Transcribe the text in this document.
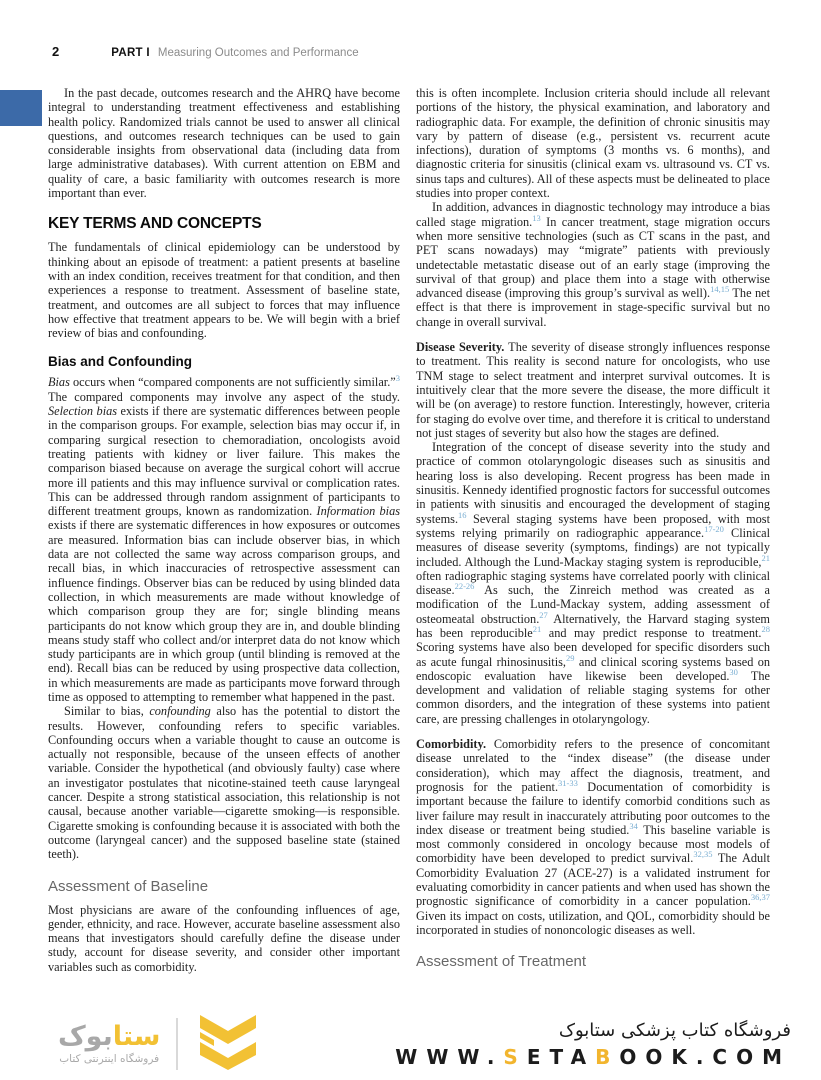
2	PART I Measuring Outcomes and Performance

In the past decade, outcomes research and the AHRQ have become integral to understanding treatment effectiveness and establishing health policy. Randomized trials cannot be used to answer all clinical questions, and outcomes research techniques can be used to gain considerable insights from observational data (including data from large administrative databases). With current attention on EBM and quality of care, a basic familiarity with outcomes research is more important than ever.

KEY TERMS AND CONCEPTS

The fundamentals of clinical epidemiology can be understood by thinking about an episode of treatment: a patient presents at baseline with an index condition, receives treatment for that condition, and then experiences a response to treatment. Assessment of baseline state, treatment, and outcomes are all subject to forces that may influence how effective that treatment appears to be. We will begin with a brief review of bias and confounding.

Bias and Confounding

Bias occurs when “compared components are not sufficiently similar.”$^3$ The compared components may involve any aspect of the study. Selection bias exists if there are systematic differences between people in the comparison groups. For example, selection bias may occur if, in comparing surgical resection to chemoradiation, oncologists avoid treating patients with kidney or liver failure. This makes the comparison biased because on average the surgical cohort will accrue more ill patients and this may influence survival or complication rates. This can be addressed through random assignment of participants to different treatment groups, known as randomization. Information bias exists if there are systematic differences in how exposures or outcomes are measured. Information bias can include observer bias, in which data are not collected the same way across comparison groups, and recall bias, in which inaccuracies of retrospective assessment can influence findings. Observer bias can be reduced by using blinded data collection, in which measurements are made without knowledge of which comparison group they are for; single blinding means participants do not know which group they are in, and double blinding means study staff who collect and/or interpret data do not know which study participants are in which group (until blinding is removed at the end). Recall bias can be reduced by using prospective data collection, in which measurements are made as participants move forward through time as opposed to attempting to remember what happened in the past.

Similar to bias, confounding also has the potential to distort the results. However, confounding refers to specific variables. Confounding occurs when a variable thought to cause an outcome is actually not responsible, because of the unseen effects of another variable. Consider the hypothetical (and obviously faulty) case where an investigator postulates that nicotine-stained teeth cause laryngeal cancer. Despite a strong statistical association, this relationship is not causal, because another variable—cigarette smoking—is responsible. Cigarette smoking is confounding because it is associated with both the outcome (laryngeal cancer) and the supposed baseline state (stained teeth).

Assessment of Baseline

Most physicians are aware of the confounding influences of age, gender, ethnicity, and race. However, accurate baseline assessment also means that investigators should carefully define the disease under study, account for disease severity, and consider other important variables such as comorbidity.

this is often incomplete. Inclusion criteria should include all relevant portions of the history, the physical examination, and laboratory and radiographic data. For example, the definition of chronic sinusitis may vary by pattern of disease (e.g., persistent vs. recurrent acute infections), duration of symptoms (3 months vs. 6 months), and diagnostic criteria for sinusitis (clinical exam vs. ultrasound vs. CT vs. sinus taps and cultures). All of these aspects must be delineated to place studies into proper context.

In addition, advances in diagnostic technology may introduce a bias called stage migration.$^{13}$ In cancer treatment, stage migration occurs when more sensitive technologies (such as CT scans in the past, and PET scans nowadays) may “migrate” patients with previously undetectable metastatic disease out of an early stage (improving the survival of that group) and place them into a stage with otherwise advanced disease (improving this group’s survival as well).$^{14,15}$ The net effect is that there is improvement in stage-specific survival but no change in overall survival.

Disease Severity. The severity of disease strongly influences response to treatment. This reality is second nature for oncologists, who use TNM stage to select treatment and interpret survival outcomes. It is intuitively clear that the more severe the disease, the more difficult it will be (on average) to restore function. Interestingly, however, criteria for staging do evolve over time, and therefore it is critical to understand not just stages of severity but also how the stages are defined.

Integration of the concept of disease severity into the study and practice of common otolaryngologic diseases such as sinusitis and hearing loss is also developing. Recent progress has been made in sinusitis. Kennedy identified prognostic factors for successful outcomes in patients with sinusitis and encouraged the development of staging systems.$^{16}$ Several staging systems have been proposed, with most systems relying primarily on radiographic appearance.$^{17-20}$ Clinical measures of disease severity (symptoms, findings) are not typically included. Although the Lund-Mackay staging system is reproducible,$^{21}$ often radiographic staging systems have correlated poorly with clinical disease.$^{22-26}$ As such, the Zinreich method was created as a modification of the Lund-Mackay system, adding assessment of osteomeatal obstruction.$^{27}$ Alternatively, the Harvard staging system has been reproducible$^{21}$ and may predict response to treatment.$^{28}$ Scoring systems have also been developed for specific disorders such as acute fungal rhinosinusitis,$^{29}$ and clinical scoring systems based on endoscopic evaluation have likewise been developed.$^{30}$ The development and validation of reliable staging systems for other common disorders, and the integration of these systems into patient care, are pressing challenges in otolaryngology.

Comorbidity. Comorbidity refers to the presence of concomitant disease unrelated to the “index disease” (the disease under consideration), which may affect the diagnosis, treatment, and prognosis for the patient.$^{31-33}$ Documentation of comorbidity is important because the failure to identify comorbid conditions such as liver failure may result in inaccurately attributing poor outcomes to the index disease or treatment being studied.$^{34}$ This baseline variable is most commonly considered in oncology because most models of comorbidity have been developed to predict survival.$^{32,35}$ The Adult Comorbidity Evaluation 27 (ACE-27) is a validated instrument for evaluating comorbidity in cancer patients and when used has shown the prognostic significance of comorbidity in a cancer population.$^{36,37}$ Given its impact on costs, utilization, and QOL, comorbidity should be incorporated in studies of nononcologic diseases as well.

Assessment of Treatment
ستابوک
فروشگاه اینترنتی کتاب
فروشگاه کتاب پزشکی ستابوک
WWW.SETABOOK.COM
